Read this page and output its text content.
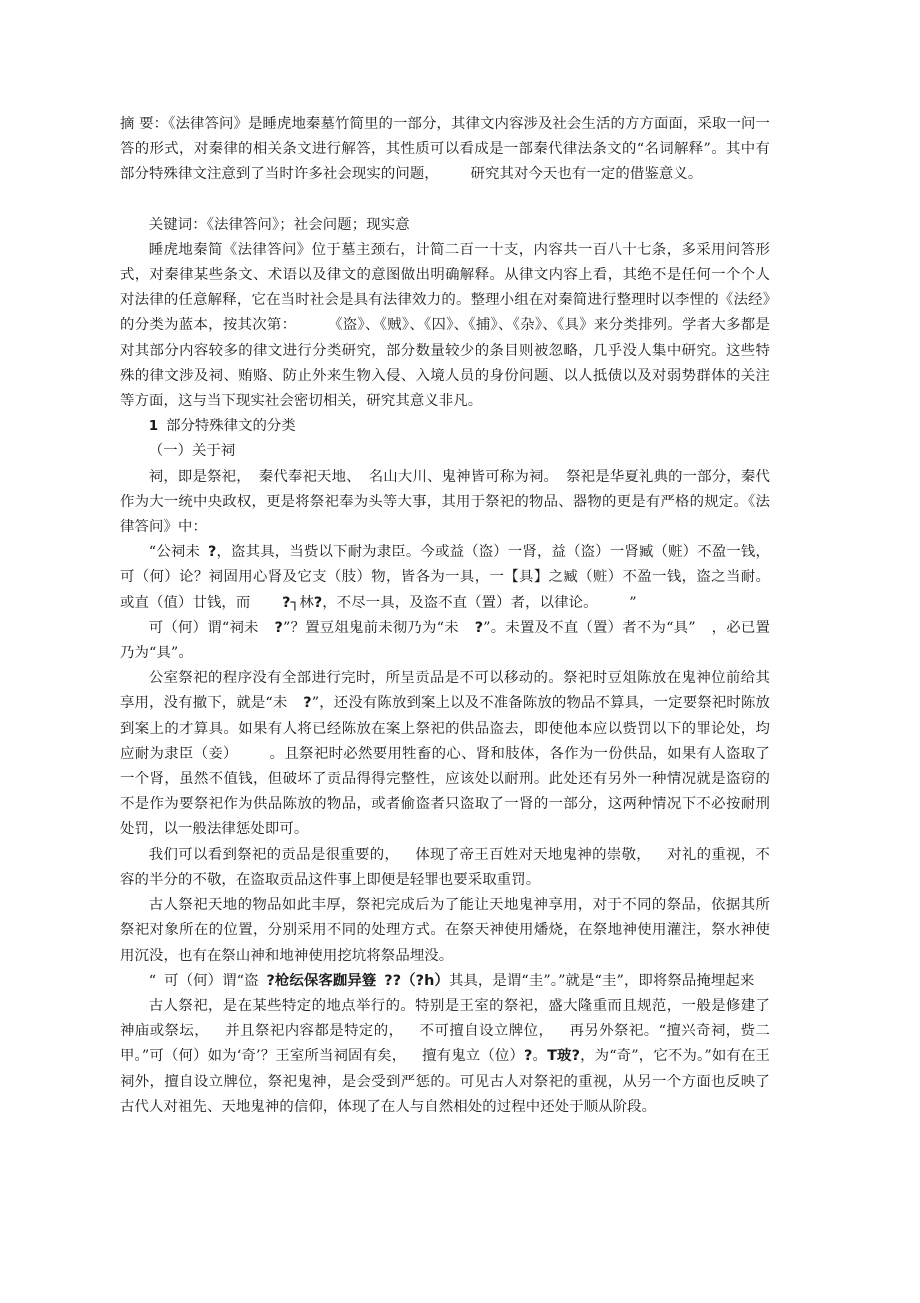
摘 要：《法律答问》是睡虎地秦墓竹简里的一部分，其律文内容涉及社会生活的方方面面，采取一问一答的形式，对秦律的相关条文进行解答，其性质可以看成是一部秦代律法条文的“名词解释”。其中有部分特殊律文注意到了当时许多社会现实的问题， 研究其对今天也有一定的借鉴意义。

关键词：《法律答问》；社会问题；现实意

睡虎地秦简《法律答问》位于墓主颈右，计简二百一十支，内容共一百八十七条，多采用问答形式，对秦律某些条文、术语以及律文的意图做出明确解释。从律文内容上看，其绝不是任何一个个人对法律的任意解释，它在当时社会是具有法律效力的。整理小组在对秦简进行整理时以李悝的《法经》的分类为蓝本，按其次第： 《盗》、《贼》、《囚》、《捕》、《杂》、《具》来分类排列。学者大多都是对其部分内容较多的律文进行分类研究，部分数量较少的条目则被忽略，几乎没人集中研究。这些特殊的律文涉及祠、贿赂、防止外来生物入侵、入境人员的身份问题、以人抵债以及对弱势群体的关注等方面，这与当下现实社会密切相关，研究其意义非凡。

1 部分特殊律文的分类

（一）关于祠

祠，即是祭祀， 秦代奉祀天地、 名山大川、鬼神皆可称为祠。 祭祀是华夏礼典的一部分，秦代作为大一统中央政权，更是将祭祀奉为头等大事，其用于祭祀的物品、器物的更是有严格的规定。《法律答问》中：

“公祠未 ?，盗其具，当赀以下耐为隶臣。今或益（盗）一肾，益（盗）一肾臧（赃）不盈一钱，可（何）论？祠固用心肾及它支（肢）物，皆各为一具，一【具】之臧（赃）不盈一钱，盗之当耐。或直（值）廿钱，而 ?┐林?，不尽一具，及盗不直（置）者，以律论。 ”

可（何）谓“祠未 ?”？置豆俎鬼前未彻乃为“未 ?”。未置及不直（置）者不为“具” ，必已置乃为“具”。

公室祭祀的程序没有全部进行完时，所呈贡品是不可以移动的。祭祀时豆俎陈放在鬼神位前给其享用，没有撤下，就是“未 ?”，还没有陈放到案上以及不准备陈放的物品不算具，一定要祭祀时陈放到案上的才算具。如果有人将已经陈放在案上祭祀的供品盗去，即使他本应以赀罚以下的罪论处，均应耐为隶臣（妾） 。且祭祀时必然要用牲畜的心、肾和肢体，各作为一份供品，如果有人盗取了一个肾，虽然不值钱，但破坏了贡品得得完整性，应该处以耐刑。此处还有另外一种情况就是盗窃的不是作为要祭祀作为供品陈放的物品，或者偷盗者只盗取了一肾的一部分，这两种情况下不必按耐刑处罚，以一般法律惩处即可。

我们可以看到祭祀的贡品是很重要的， 体现了帝王百姓对天地鬼神的崇敬， 对礼的重视，不容的半分的不敬，在盗取贡品这件事上即便是轻罪也要采取重罚。

古人祭祀天地的物品如此丰厚，祭祀完成后为了能让天地鬼神享用，对于不同的祭品，依据其所祭祀对象所在的位置，分别采用不同的处理方式。在祭天神使用燔烧，在祭地神使用灌注，祭水神使用沉没，也有在祭山神和地神使用挖坑将祭品埋没。

“ 可（何）谓“盗 ?枪纭保客跏异簦 ??（?h）其具，是谓“圭”。”就是“圭”，即将祭品掩埋起来

古人祭祀，是在某些特定的地点举行的。特别是王室的祭祀，盛大隆重而且规范，一般是修建了神庙或祭坛， 并且祭祀内容都是特定的， 不可擅自设立牌位， 再另外祭祀。“擅兴奇祠，赀二甲。”可（何）如为‘奇’？王室所当祠固有矣， 擅有鬼立（位）?。T玻?，为“奇”，它不为。”如有在王祠外，擅自设立牌位，祭祀鬼神，是会受到严惩的。可见古人对祭祀的重视，从另一个方面也反映了古代人对祖先、天地鬼神的信仰，体现了在人与自然相处的过程中还处于顺从阶段。
